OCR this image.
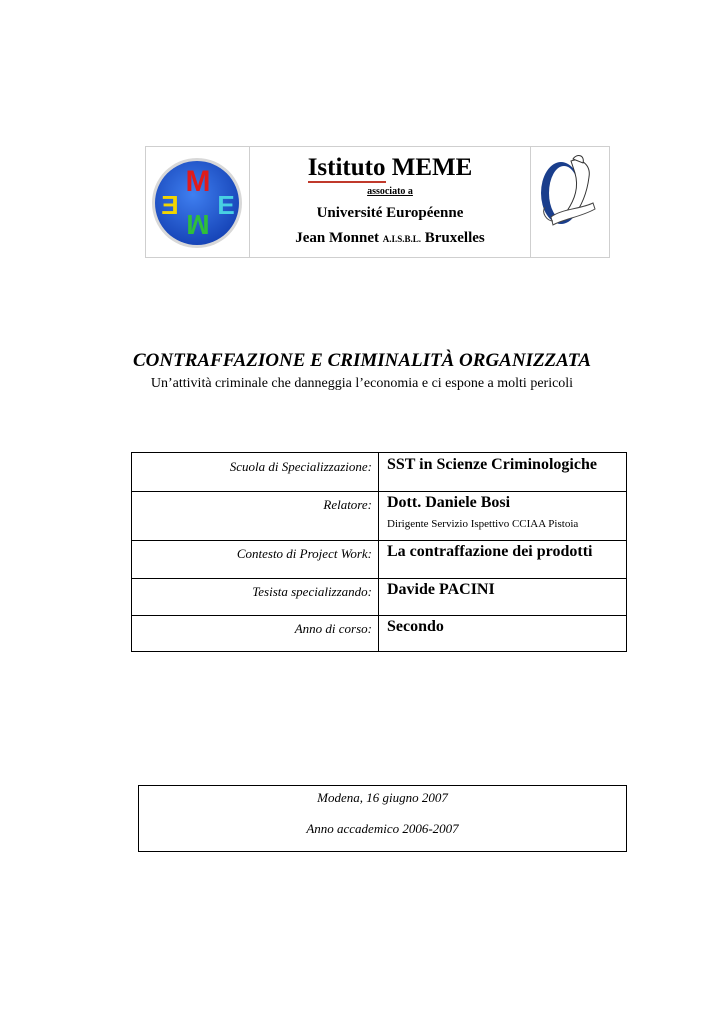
M
E
M
E
Istituto MEME
associato a
Université Européenne
Jean Monnet A.I.S.B.L. Bruxelles
CONTRAFFAZIONE E CRIMINALITÀ ORGANIZZATA
Un’attività criminale che danneggia l’economia e ci espone a molti pericoli
Scuola di Specializzazione: SST in Scienze Criminologiche
Relatore: Dott. Daniele Bosi
Dirigente Servizio Ispettivo CCIAA Pistoia
Contesto di Project Work: La contraffazione dei prodotti
Tesista specializzando: Davide PACINI
Anno di corso: Secondo
Modena, 16 giugno 2007
Anno accademico 2006-2007
